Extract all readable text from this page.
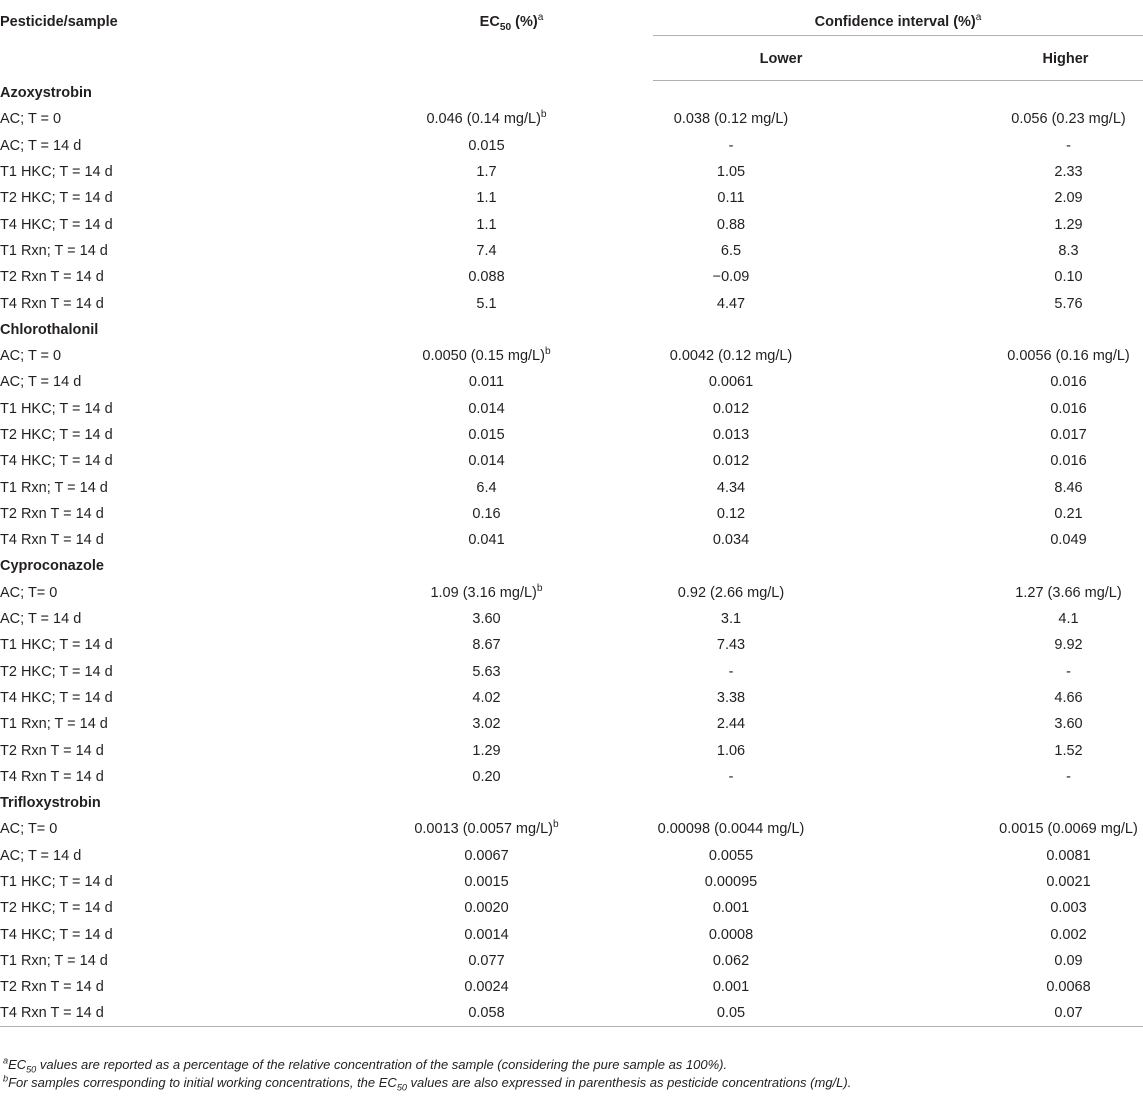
Pesticide/sample	$EC_{50}$ (%)$^a$	Confidence interval (%)$^a$

		Lower	Higher
Azoxystrobin			
AC; T = 0	0.046 (0.14 mg/L)$^b$	0.038 (0.12 mg/L)	0.056 (0.23 mg/L)
AC; T = 14 d	0.015	-	-
T1 HKC; T = 14 d	1.7	1.05	2.33
T2 HKC; T = 14 d	1.1	0.11	2.09
T4 HKC; T = 14 d	1.1	0.88	1.29
T1 Rxn; T = 14 d	7.4	6.5	8.3
T2 Rxn T = 14 d	0.088	−0.09	0.10
T4 Rxn T = 14 d	5.1	4.47	5.76
Chlorothalonil			
AC; T = 0	0.0050 (0.15 mg/L)$^b$	0.0042 (0.12 mg/L)	0.0056 (0.16 mg/L)
AC; T = 14 d	0.011	0.0061	0.016
T1 HKC; T = 14 d	0.014	0.012	0.016
T2 HKC; T = 14 d	0.015	0.013	0.017
T4 HKC; T = 14 d	0.014	0.012	0.016
T1 Rxn; T = 14 d	6.4	4.34	8.46
T2 Rxn T = 14 d	0.16	0.12	0.21
T4 Rxn T = 14 d	0.041	0.034	0.049
Cyproconazole			
AC; T= 0	1.09 (3.16 mg/L)$^b$	0.92 (2.66 mg/L)	1.27 (3.66 mg/L)
AC; T = 14 d	3.60	3.1	4.1
T1 HKC; T = 14 d	8.67	7.43	9.92
T2 HKC; T = 14 d	5.63	-	-
T4 HKC; T = 14 d	4.02	3.38	4.66
T1 Rxn; T = 14 d	3.02	2.44	3.60
T2 Rxn T = 14 d	1.29	1.06	1.52
T4 Rxn T = 14 d	0.20	-	-
Trifloxystrobin			
AC; T= 0	0.0013 (0.0057 mg/L)$^b$	0.00098 (0.0044 mg/L)	0.0015 (0.0069 mg/L)
AC; T = 14 d	0.0067	0.0055	0.0081
T1 HKC; T = 14 d	0.0015	0.00095	0.0021
T2 HKC; T = 14 d	0.0020	0.001	0.003
T4 HKC; T = 14 d	0.0014	0.0008	0.002
T1 Rxn; T = 14 d	0.077	0.062	0.09
T2 Rxn T = 14 d	0.0024	0.001	0.0068
T4 Rxn T = 14 d	0.058	0.05	0.07
$^aEC_{50}$ values are reported as a percentage of the relative concentration of the sample (considering the pure sample as 100%).
$^b$For samples corresponding to initial working concentrations, the $EC_{50}$ values are also expressed in parenthesis as pesticide concentrations (mg/L).
